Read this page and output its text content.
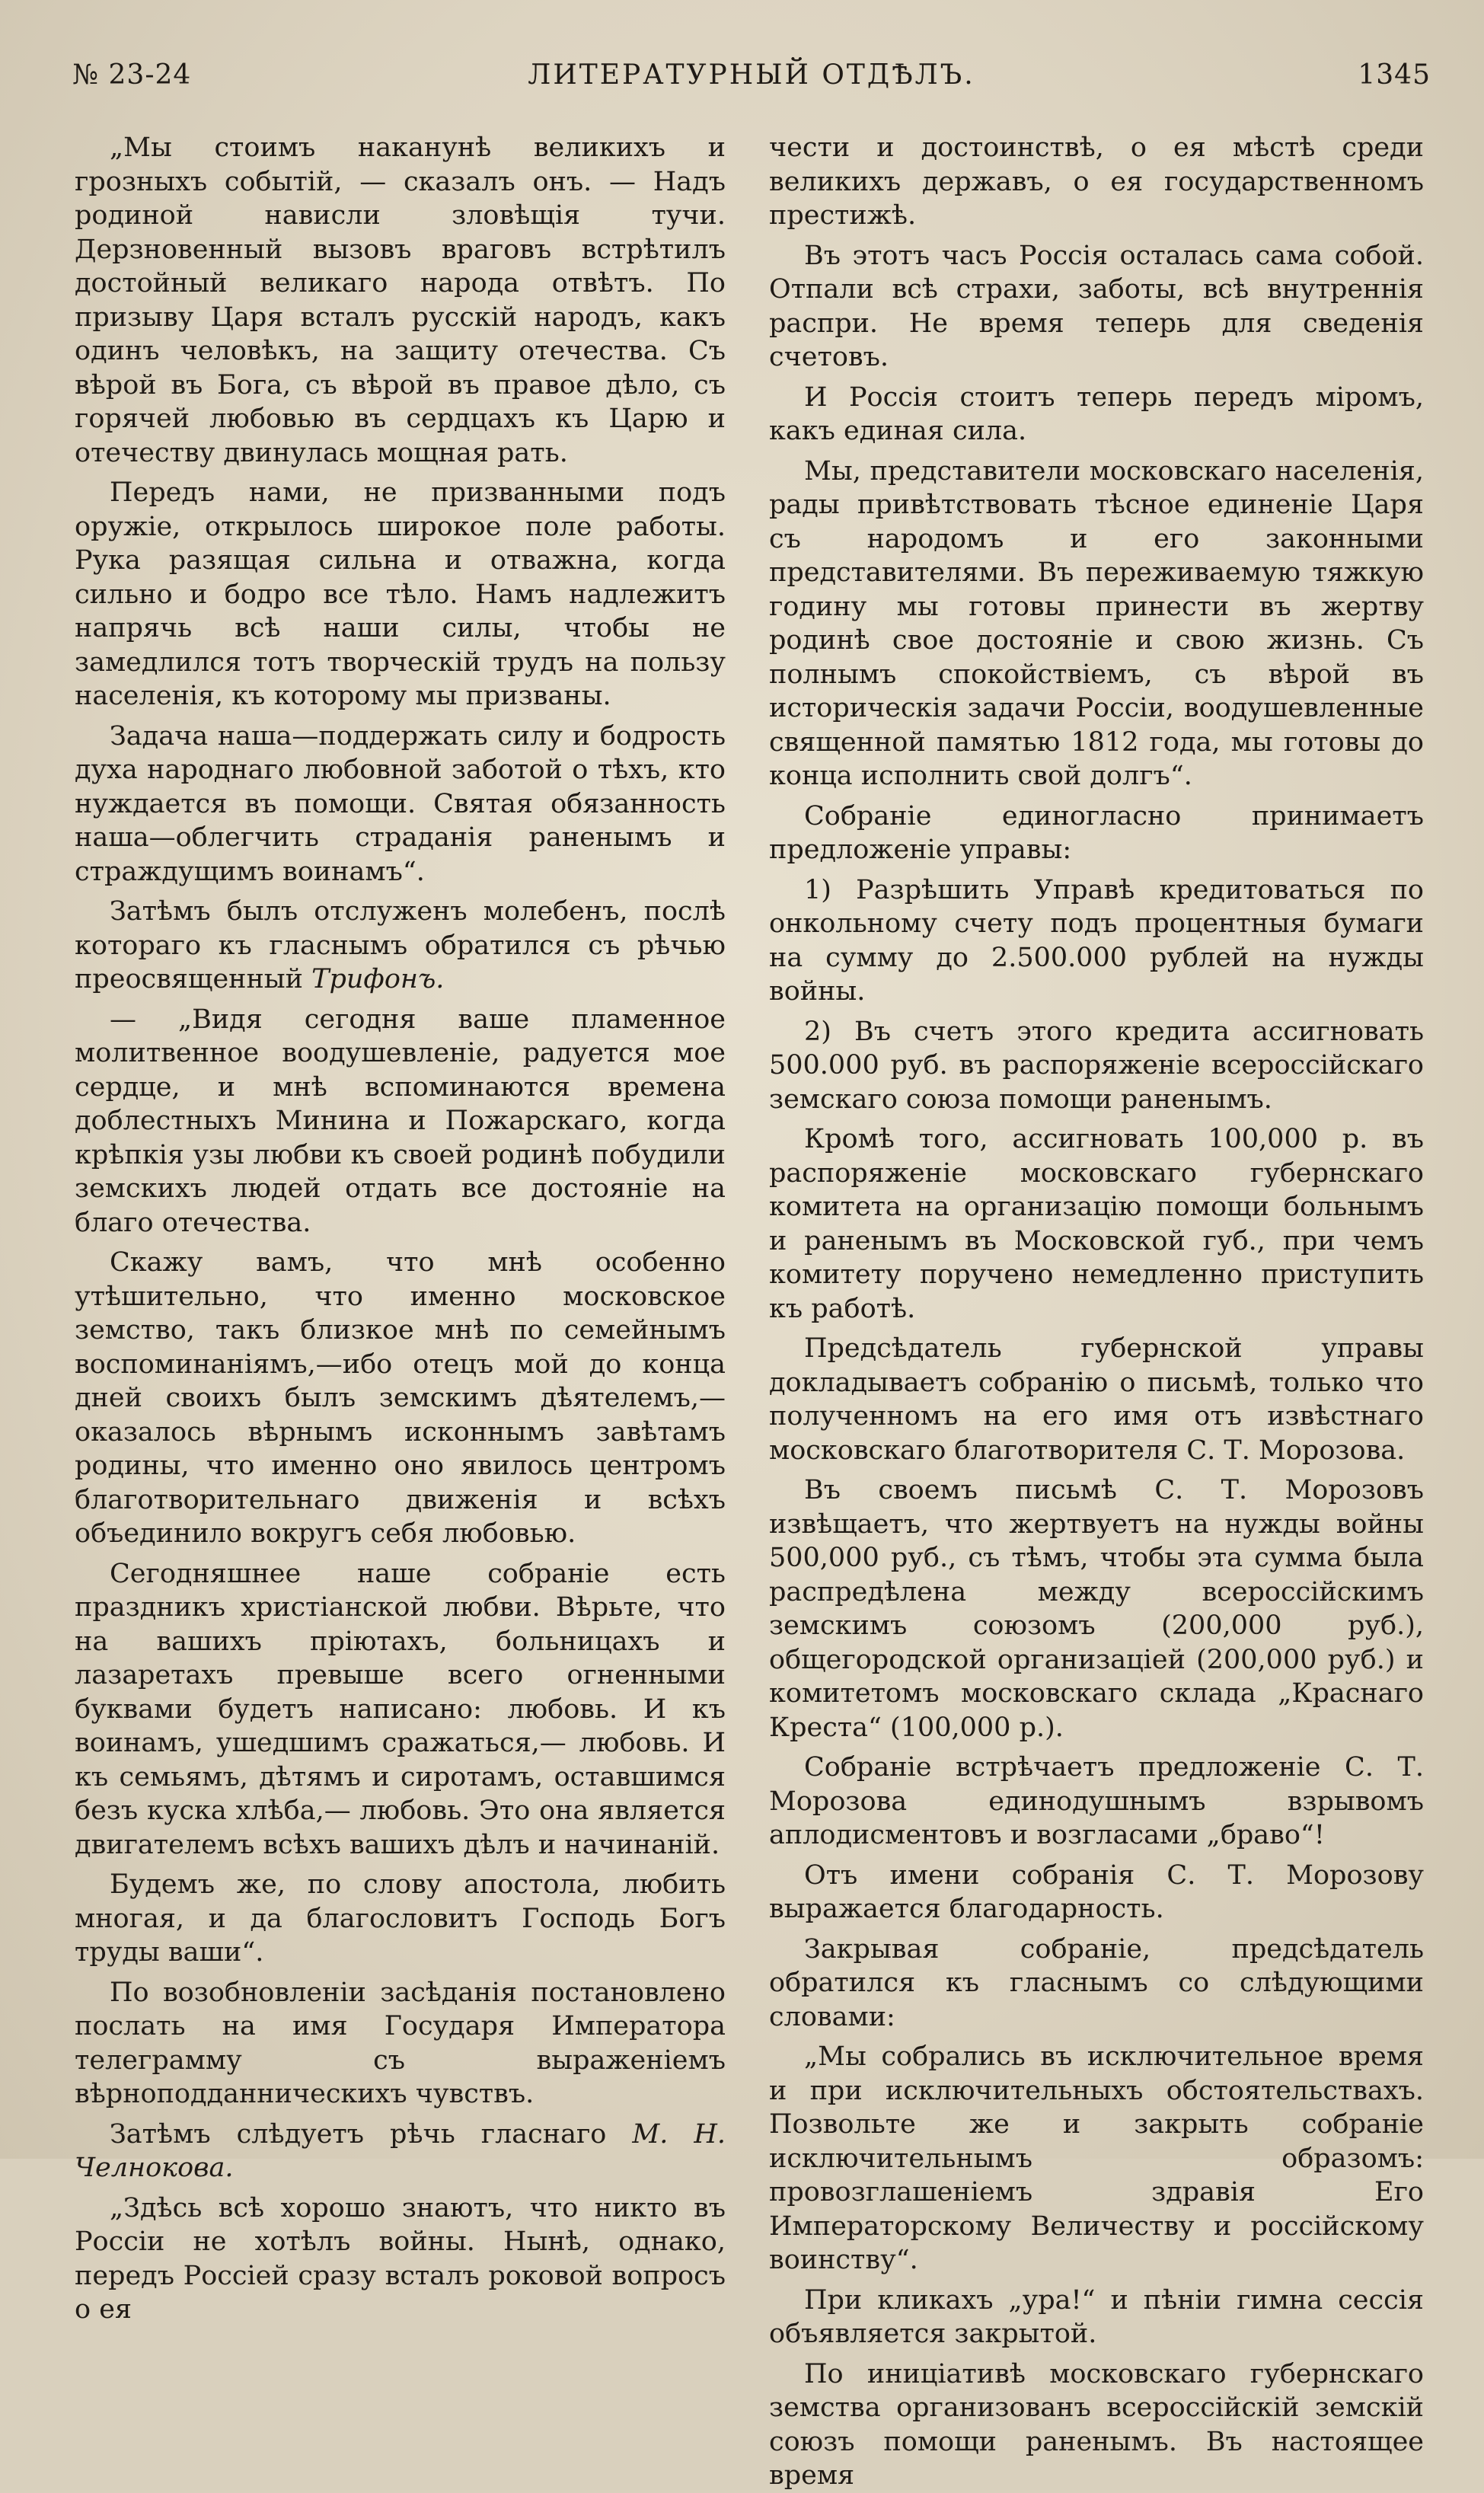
№ 23-24	ЛИТЕРАТУРНЫЙ ОТДѢЛЪ.	1345

„Мы стоимъ наканунѣ великихъ и грозныхъ событій, — сказалъ онъ. — Надъ родиной нависли зловѣщія тучи. Дерзновенный вызовъ враговъ встрѣтилъ достойный великаго народа отвѣтъ. По призыву Царя всталъ русскій народъ, какъ одинъ человѣкъ, на защиту отечества. Съ вѣрой въ Бога, съ вѣрой въ правое дѣло, съ горячей любовью въ сердцахъ къ Царю и отечеству двинулась мощная рать.

Передъ нами, не призванными подъ оружіе, открылось широкое поле работы. Рука разящая сильна и отважна, когда сильно и бодро все тѣло. Намъ надлежитъ напрячь всѣ наши силы, чтобы не замедлился тотъ творческій трудъ на пользу населенія, къ которому мы призваны.

Задача наша—поддержать силу и бодрость духа народнаго любовной заботой о тѣхъ, кто нуждается въ помощи. Святая обязанность наша—облегчить страданія раненымъ и страждущимъ воинамъ“.

Затѣмъ былъ отслуженъ молебенъ, послѣ котораго къ гласнымъ обратился съ рѣчью преосвященный Трифонъ.

— „Видя сегодня ваше пламенное молитвенное воодушевленіе, радуется мое сердце, и мнѣ вспоминаются времена доблестныхъ Минина и Пожарскаго, когда крѣпкія узы любви къ своей родинѣ побудили земскихъ людей отдать все достояніе на благо отечества.

Скажу вамъ, что мнѣ особенно утѣшительно, что именно московское земство, такъ близкое мнѣ по семейнымъ воспоминаніямъ,—ибо отецъ мой до конца дней своихъ былъ земскимъ дѣятелемъ,—оказалось вѣрнымъ исконнымъ завѣтамъ родины, что именно оно явилось центромъ благотворительнаго движенія и всѣхъ объединило вокругъ себя любовью.

Сегодняшнее наше собраніе есть праздникъ христіанской любви. Вѣрьте, что на вашихъ пріютахъ, больницахъ и лазаретахъ превыше всего огненными буквами будетъ написано: любовь. И къ воинамъ, ушедшимъ сражаться,— любовь. И къ семьямъ, дѣтямъ и сиротамъ, оставшимся безъ куска хлѣба,— любовь. Это она является двигателемъ всѣхъ вашихъ дѣлъ и начинаній.

Будемъ же, по слову апостола, любить многая, и да благословитъ Господь Богъ труды ваши“.

По возобновленіи засѣданія постановлено послать на имя Государя Императора телеграмму съ выраженіемъ вѣрноподданническихъ чувствъ.

Затѣмъ слѣдуетъ рѣчь гласнаго М. Н. Челнокова.

„Здѣсь всѣ хорошо знаютъ, что никто въ Россіи не хотѣлъ войны. Нынѣ, однако, передъ Россіей сразу всталъ роковой вопросъ о ея

чести и достоинствѣ, о ея мѣстѣ среди великихъ державъ, о ея государственномъ престижѣ.

Въ этотъ часъ Россія осталась сама собой. Отпали всѣ страхи, заботы, всѣ внутреннія распри. Не время теперь для сведенія счетовъ.

И Россія стоитъ теперь передъ міромъ, какъ единая сила.

Мы, представители московскаго населенія, рады привѣтствовать тѣсное единеніе Царя съ народомъ и его законными представителями. Въ переживаемую тяжкую годину мы готовы принести въ жертву родинѣ свое достояніе и свою жизнь. Съ полнымъ спокойствіемъ, съ вѣрой въ историческія задачи Россіи, воодушевленные священной памятью 1812 года, мы готовы до конца исполнить свой долгъ“.

Собраніе единогласно принимаетъ предложеніе управы:

1) Разрѣшить Управѣ кредитоваться по онкольному счету подъ процентныя бумаги на сумму до 2.500.000 рублей на нужды войны.

2) Въ счетъ этого кредита ассигновать 500.000 руб. въ распоряженіе всероссійскаго земскаго союза помощи раненымъ.

Кромѣ того, ассигновать 100,000 р. въ распоряженіе московскаго губернскаго комитета на организацію помощи больнымъ и раненымъ въ Московской губ., при чемъ комитету поручено немедленно приступить къ работѣ.

Предсѣдатель губернской управы докладываетъ собранію о письмѣ, только что полученномъ на его имя отъ извѣстнаго московскаго благотворителя С. Т. Морозова.

Въ своемъ письмѣ С. Т. Морозовъ извѣщаетъ, что жертвуетъ на нужды войны 500,000 руб., съ тѣмъ, чтобы эта сумма была распредѣлена между всероссійскимъ земскимъ союзомъ (200,000 руб.), общегородской организаціей (200,000 руб.) и комитетомъ московскаго склада „Краснаго Креста“ (100,000 р.).

Собраніе встрѣчаетъ предложеніе С. Т. Морозова единодушнымъ взрывомъ аплодисментовъ и возгласами „браво“!

Отъ имени собранія С. Т. Морозову выражается благодарность.

Закрывая собраніе, предсѣдатель обратился къ гласнымъ со слѣдующими словами:

„Мы собрались въ исключительное время и при исключительныхъ обстоятельствахъ. Позвольте же и закрыть собраніе исключительнымъ образомъ: провозглашеніемъ здравія Его Императорскому Величеству и россійскому воинству“.

При кликахъ „ура!“ и пѣніи гимна сессія объявляется закрытой.

По иниціативѣ московскаго губернскаго земства организованъ всероссійскій земскій союзъ помощи раненымъ. Въ настоящее время
